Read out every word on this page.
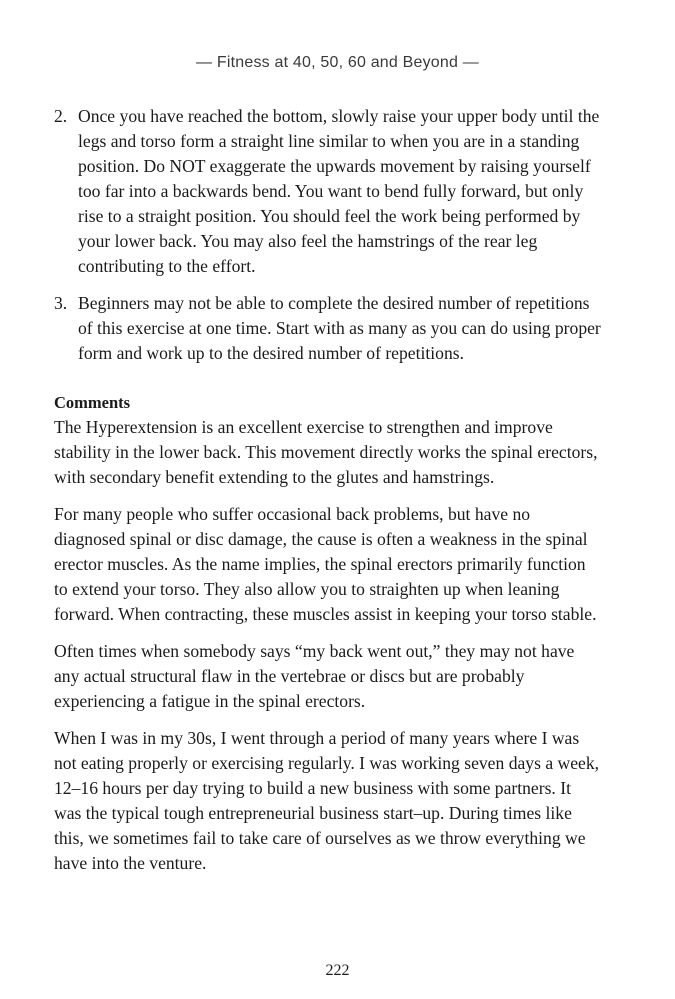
— Fitness at 40, 50, 60 and Beyond —
2. Once you have reached the bottom, slowly raise your upper body until the legs and torso form a straight line similar to when you are in a standing position. Do NOT exaggerate the upwards movement by raising yourself too far into a backwards bend. You want to bend fully forward, but only rise to a straight position. You should feel the work being performed by your lower back. You may also feel the hamstrings of the rear leg contributing to the effort.
3. Beginners may not be able to complete the desired number of repetitions of this exercise at one time. Start with as many as you can do using proper form and work up to the desired number of repetitions.
Comments

The Hyperextension is an excellent exercise to strengthen and improve stability in the lower back. This movement directly works the spinal erectors, with secondary benefit extending to the glutes and hamstrings.

For many people who suffer occasional back problems, but have no diagnosed spinal or disc damage, the cause is often a weakness in the spinal erector muscles. As the name implies, the spinal erectors primarily function to extend your torso. They also allow you to straighten up when leaning forward. When contracting, these muscles assist in keeping your torso stable.

Often times when somebody says “my back went out,” they may not have any actual structural flaw in the vertebrae or discs but are probably experiencing a fatigue in the spinal erectors.

When I was in my 30s, I went through a period of many years where I was not eating properly or exercising regularly. I was working seven days a week, 12–16 hours per day trying to build a new business with some partners. It was the typical tough entrepreneurial business start–up. During times like this, we sometimes fail to take care of ourselves as we throw everything we have into the venture.

222
